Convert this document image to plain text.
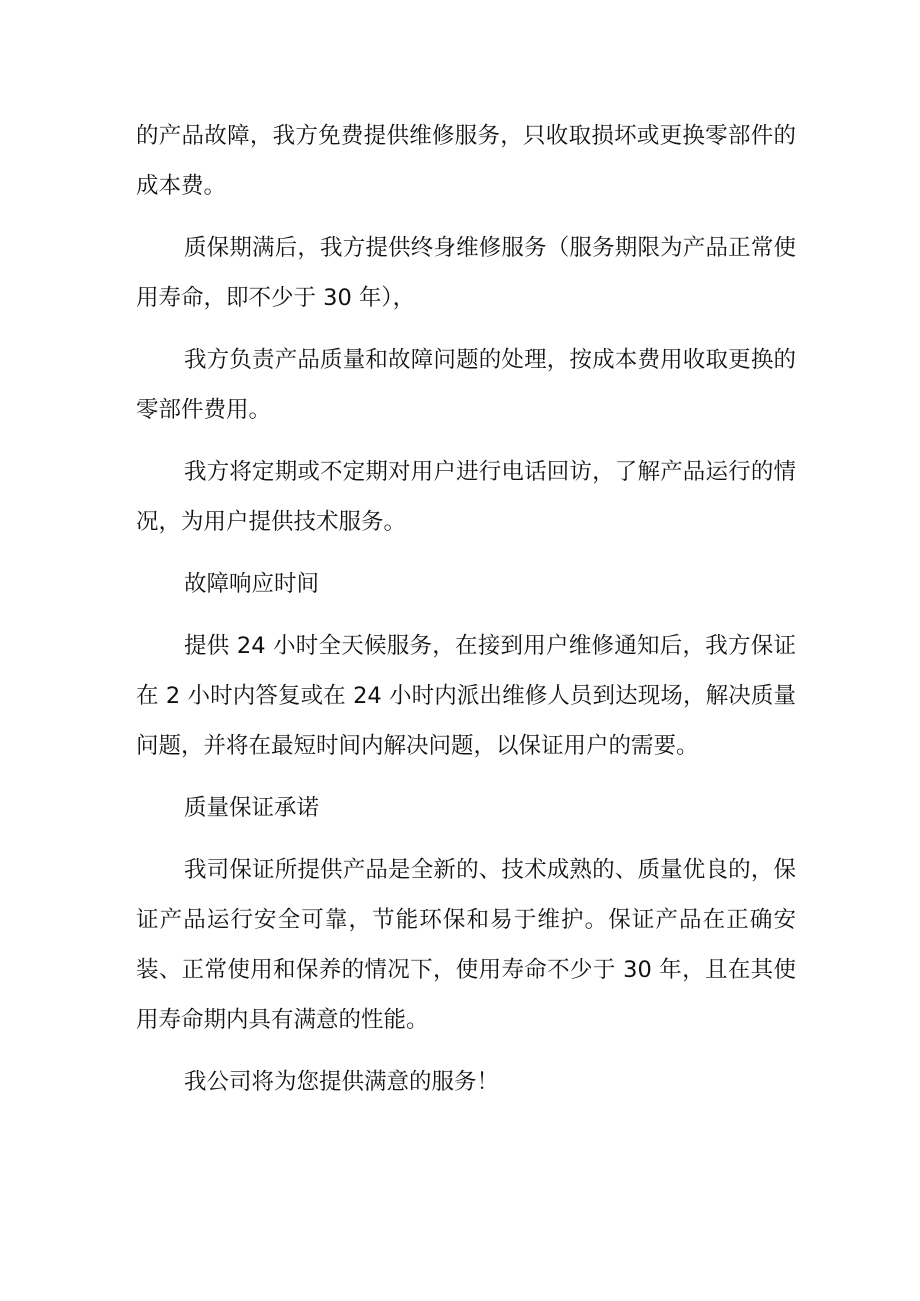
的产品故障，我方免费提供维修服务，只收取损坏或更换零部件的成本费。

质保期满后，我方提供终身维修服务（服务期限为产品正常使用寿命，即不少于 30 年），

我方负责产品质量和故障问题的处理，按成本费用收取更换的零部件费用。

我方将定期或不定期对用户进行电话回访，了解产品运行的情况，为用户提供技术服务。

故障响应时间

提供 24 小时全天候服务，在接到用户维修通知后，我方保证在 2 小时内答复或在 24 小时内派出维修人员到达现场，解决质量问题，并将在最短时间内解决问题，以保证用户的需要。

质量保证承诺

我司保证所提供产品是全新的、技术成熟的、质量优良的，保证产品运行安全可靠，节能环保和易于维护。保证产品在正确安装、正常使用和保养的情况下，使用寿命不少于 30 年，且在其使用寿命期内具有满意的性能。

我公司将为您提供满意的服务！
